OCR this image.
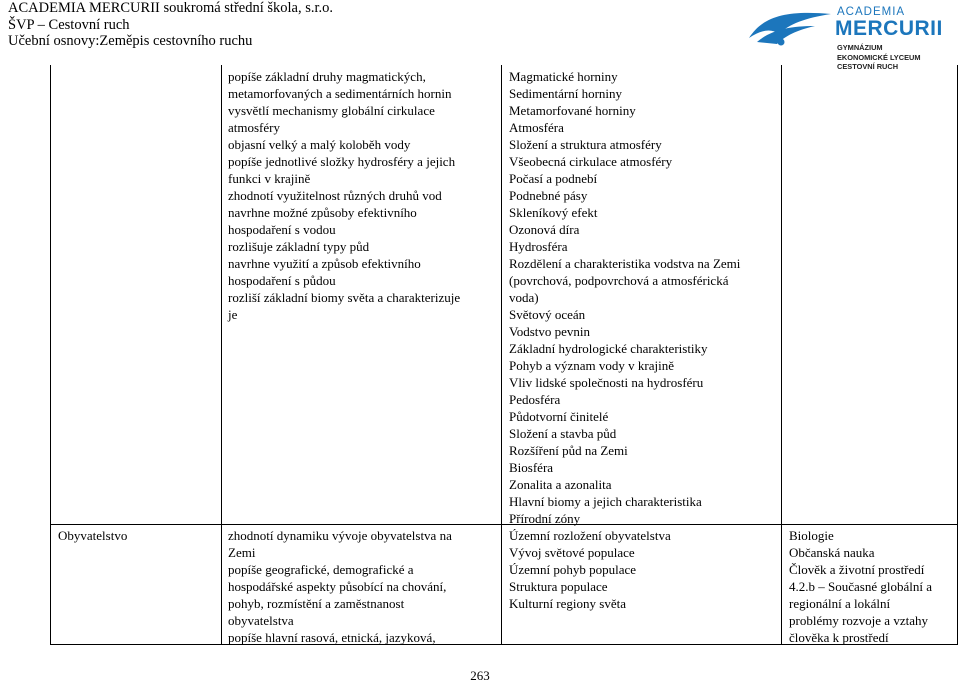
ACADEMIA MERCURII soukromá střední škola, s.r.o.
ŠVP – Cestovní ruch
Učební osnovy:Zeměpis cestovního ruchu
ACADEMIA
MERCURII
GYMNÁZIUM
EKONOMICKÉ LYCEUM
CESTOVNÍ RUCH
popíše základní druhy magmatických,
metamorfovaných a sedimentárních hornin
vysvětlí mechanismy globální cirkulace
atmosféry
objasní velký a malý koloběh vody
popíše jednotlivé složky hydrosféry a jejich
funkci v krajině
zhodnotí využitelnost různých druhů vod
navrhne možné způsoby efektivního
hospodaření s vodou
rozlišuje základní typy půd
navrhne využití a způsob efektivního
hospodaření s půdou
rozliší základní biomy světa a charakterizuje
je
Magmatické horniny
Sedimentární horniny
Metamorfované horniny
Atmosféra
Složení a struktura atmosféry
Všeobecná cirkulace atmosféry
Počasí a podnebí
Podnebné pásy
Skleníkový efekt
Ozonová díra
Hydrosféra
Rozdělení a charakteristika vodstva na Zemi
(povrchová, podpovrchová a atmosférická
voda)
Světový oceán
Vodstvo pevnin
Základní hydrologické charakteristiky
Pohyb a význam vody v krajině
Vliv lidské společnosti na hydrosféru
Pedosféra
Půdotvorní činitelé
Složení a stavba půd
Rozšíření půd na Zemi
Biosféra
Zonalita a azonalita
Hlavní biomy a jejich charakteristika
Přírodní zóny
Obyvatelstvo	zhodnotí dynamiku vývoje obyvatelstva na
Zemi
popíše geografické, demografické a
hospodářské aspekty působící na chování,
pohyb, rozmístění a zaměstnanost
obyvatelstva
popíše hlavní rasová, etnická, jazyková,
Územní rozložení obyvatelstva
Vývoj světové populace
Územní pohyb populace
Struktura populace
Kulturní regiony světa
Biologie
Občanská nauka
Člověk a životní prostředí
4.2.b – Současné globální a
regionální a lokální
problémy rozvoje a vztahy
člověka k prostředí
263
